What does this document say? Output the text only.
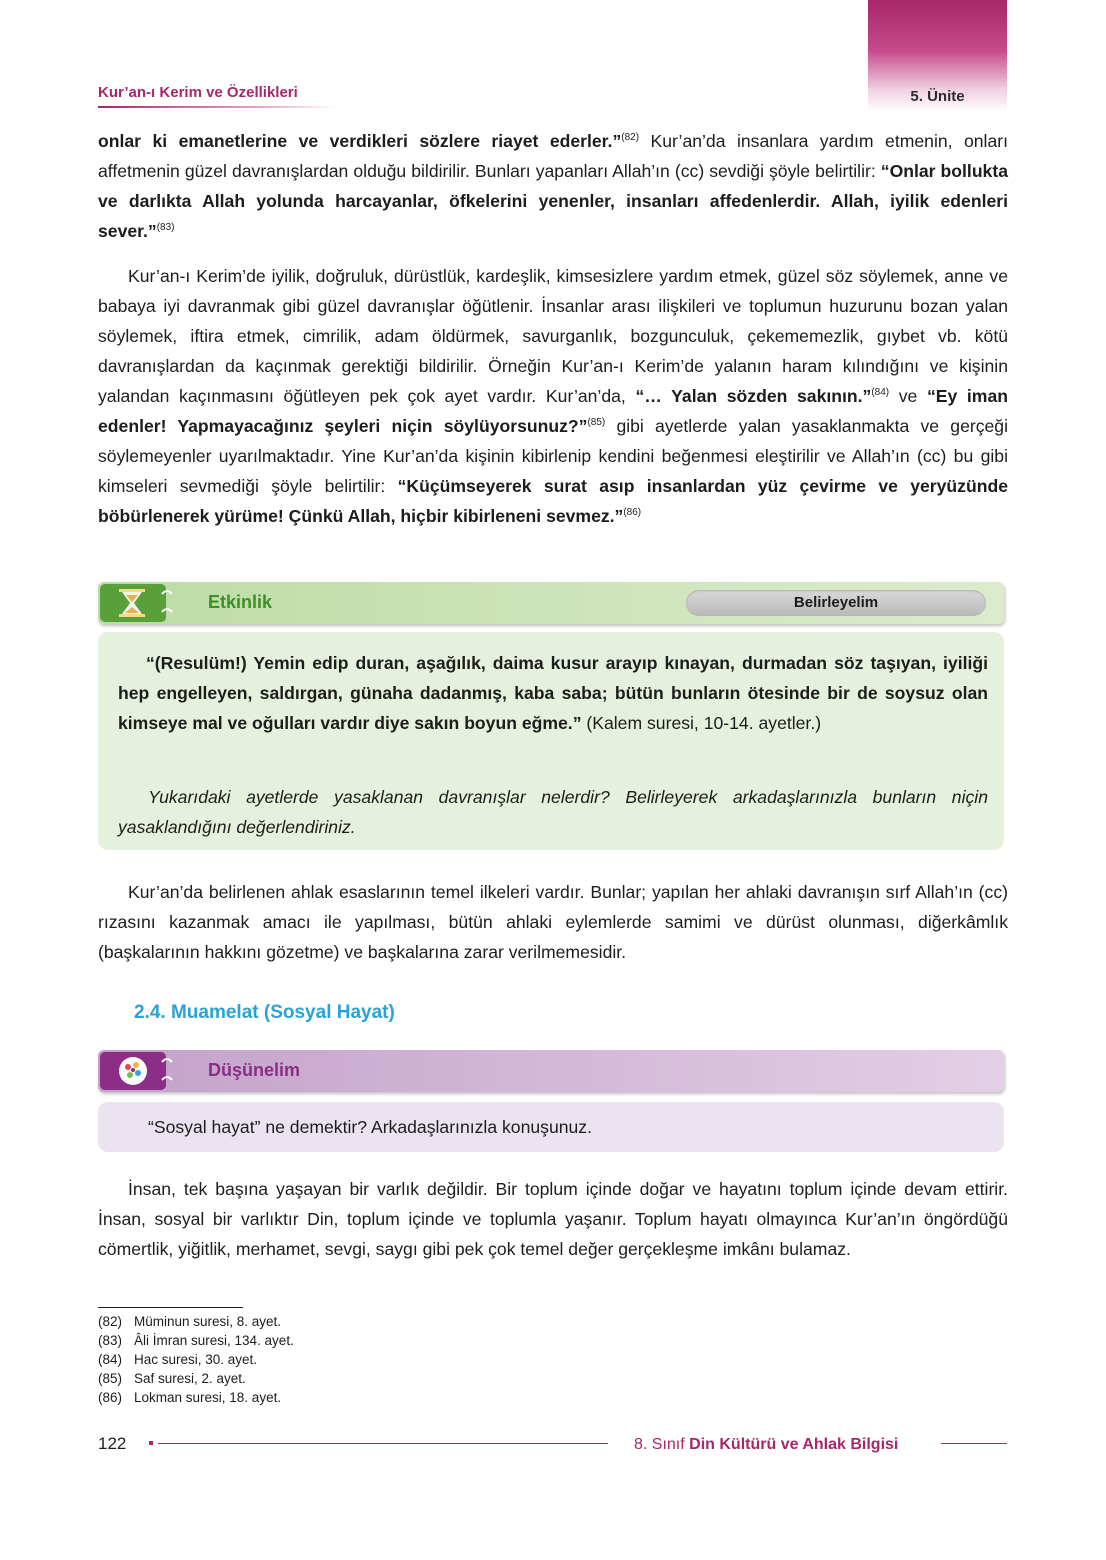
5. Ünite
Kur’an-ı Kerim ve Özellikleri
onlar ki emanetlerine ve verdikleri sözlere riayet ederler.”$^{(82)}$ Kur’an’da insanlara yardım etmenin, onları affetmenin güzel davranışlardan olduğu bildirilir. Bunları yapanları Allah’ın (cc) sevdiği şöyle belirtilir: “Onlar bollukta ve darlıkta Allah yolunda harcayanlar, öfkelerini yenenler, insanları affedenlerdir. Allah, iyilik edenleri sever.”$^{(83)}$
Kur’an-ı Kerim’de iyilik, doğruluk, dürüstlük, kardeşlik, kimsesizlere yardım etmek, güzel söz söylemek, anne ve babaya iyi davranmak gibi güzel davranışlar öğütlenir. İnsanlar arası ilişkileri ve toplumun huzurunu bozan yalan söylemek, iftira etmek, cimrilik, adam öldürmek, savurganlık, bozgunculuk, çekememezlik, gıybet vb. kötü davranışlardan da kaçınmak gerektiği bildirilir. Örneğin Kur’an-ı Kerim’de yalanın haram kılındığını ve kişinin yalandan kaçınmasını öğütleyen pek çok ayet vardır. Kur’an’da, “… Yalan sözden sakının.”$^{(84)}$ ve “Ey iman edenler! Yapmayacağınız şeyleri niçin söylüyorsunuz?”$^{(85)}$ gibi ayetlerde yalan yasaklanmakta ve gerçeği söylemeyenler uyarılmaktadır. Yine Kur’an’da kişinin kibirlenip kendini beğenmesi eleştirilir ve Allah’ın (cc) bu gibi kimseleri sevmediği şöyle belirtilir: “Küçümseyerek surat asıp insanlardan yüz çevirme ve yeryüzünde böbürlenerek yürüme! Çünkü Allah, hiçbir kibirleneni sevmez.”$^{(86)}$
Etkinlik	Belirleyelim
“(Resulüm!) Yemin edip duran, aşağılık, daima kusur arayıp kınayan, durmadan söz taşıyan, iyiliği hep engelleyen, saldırgan, günaha dadanmış, kaba saba; bütün bunların ötesinde bir de soysuz olan kimseye mal ve oğulları vardır diye sakın boyun eğme.” (Kalem suresi, 10-14. ayetler.)
Yukarıdaki ayetlerde yasaklanan davranışlar nelerdir? Belirleyerek arkadaşlarınızla bunların niçin yasaklandığını değerlendiriniz.
Kur’an’da belirlenen ahlak esaslarının temel ilkeleri vardır. Bunlar; yapılan her ahlaki davranışın sırf Allah’ın (cc) rızasını kazanmak amacı ile yapılması, bütün ahlaki eylemlerde samimi ve dürüst olunması, diğerkâmlık (başkalarının hakkını gözetme) ve başkalarına zarar verilmemesidir.
2.4. Muamelat (Sosyal Hayat)
Düşünelim
“Sosyal hayat” ne demektir? Arkadaşlarınızla konuşunuz.
İnsan, tek başına yaşayan bir varlık değildir. Bir toplum içinde doğar ve hayatını toplum içinde devam ettirir. İnsan, sosyal bir varlıktır Din, toplum içinde ve toplumla yaşanır. Toplum hayatı olmayınca Kur’an’ın öngördüğü cömertlik, yiğitlik, merhamet, sevgi, saygı gibi pek çok temel değer gerçekleşme imkânı bulamaz.
(82) Müminun suresi, 8. ayet.
(83) Âli İmran suresi, 134. ayet.
(84) Hac suresi, 30. ayet.
(85) Saf suresi, 2. ayet.
(86) Lokman suresi, 18. ayet.
122	8. Sınıf Din Kültürü ve Ahlak Bilgisi
